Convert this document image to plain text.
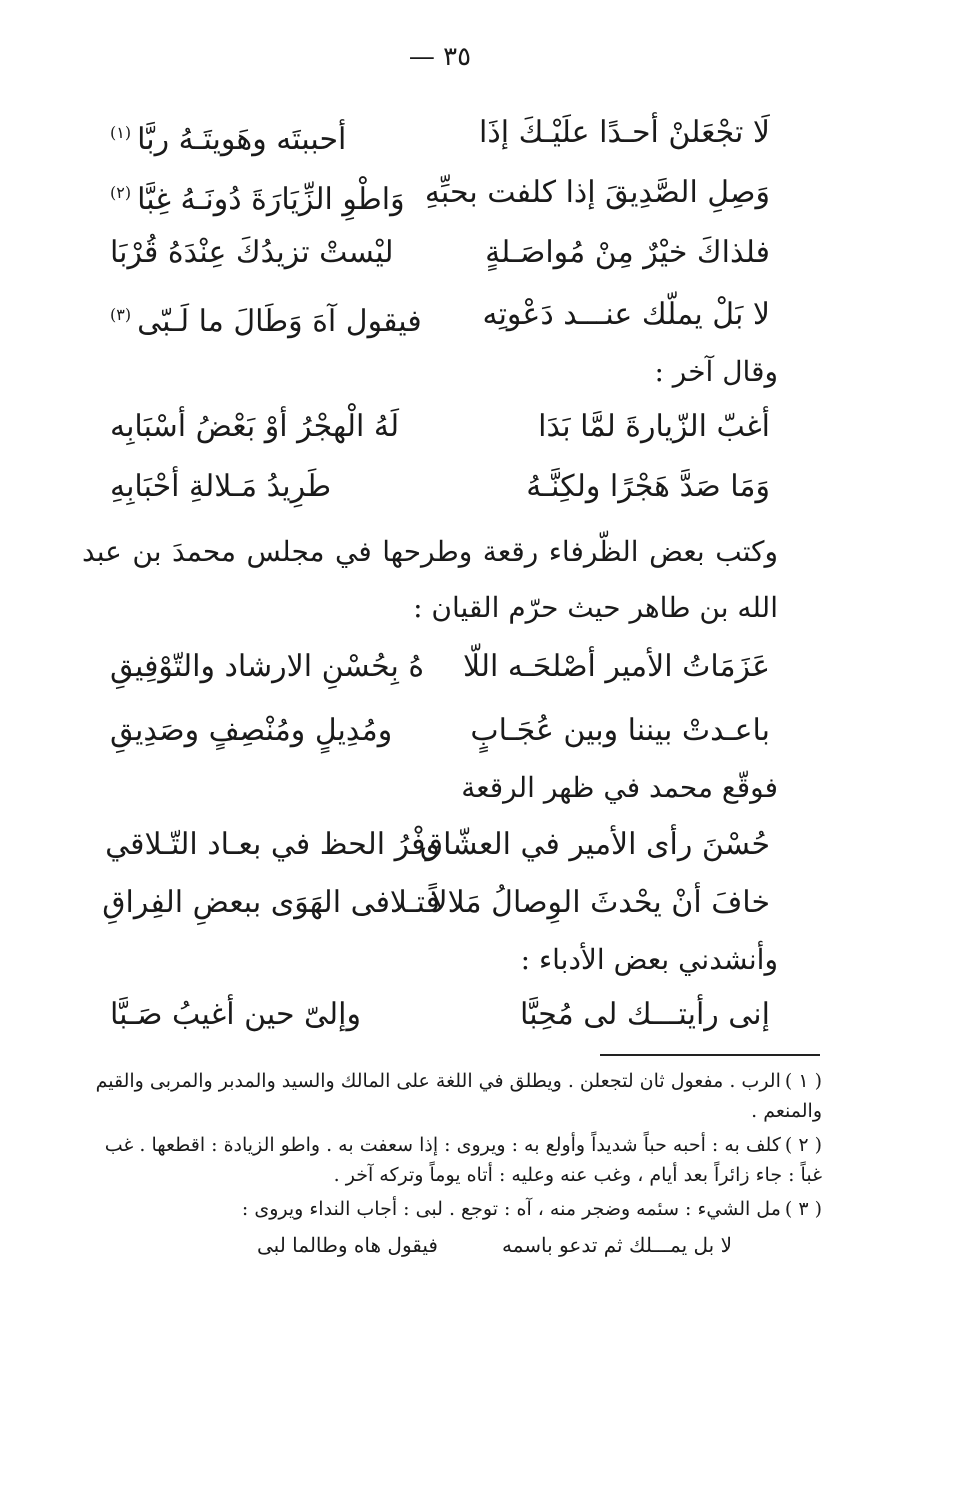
٣٥ —
لَا تجْعَلنْ أحـدًا علَيْـكَ إذَا
أحببتَه وهَويتَـهُ ربَّا$^{(١)}$
وَصِلِ الصَّدِيقَ إذا كلفت بحبِّهِ
وَاطْوِ الزِّيَارَةَ دُونَـهُ غِبَّا$^{(٢)}$
فلذاكَ خيْرٌ مِنْ مُواصَـلةٍ
ليْستْ تزيدُكَ عِنْدَهُ قُرْبَا
لا بَلْ يملّك عنـــد دَعْوتِه
فيقول آهَ وَطَالَ ما لَـبّى$^{(٣)}$
وقال آخر :
أغبّ الزّيارةَ لمَّا بَدَا
لَهُ الْهجْرُ أوْ بَعْضُ أسْبَابِه
وَمَا صَدَّ هَجْرًا ولكِنَّـهُ
طَرِيدُ مَـلالةِ أحْبَابِهِ
وكتب بعض الظّرفاء رقعة وطرحها في مجلس محمدَ بن عبد الله بن طاهر حيث حرّم القيان :
عَزَمَاتُ الأمير أصْلحَـه اللّا
هُ بِحُسْنِ الارشاد والتّوْفِيقِ
باعـدتْ بيننا وبين عُجَـابٍ
ومُدِيلٍ ومُنْصِفٍ وصَدِيقِ
فوقّع محمد في ظهر الرقعة
حُسْنَ رأى الأمير في العشّاق
وفْرُ الحظ في بعـاد التّـلاقي
خافَ أنْ يحْدثَ الوِصالُ مَلالاً
فتـلافى الهَوَى ببعضِ الفِراقِ
وأنشدني بعض الأدباء :
إنى رأيتـــك لى مُحِبَّا
وإلىّ حين أغيبُ صَـبَّا

( ١ )الرب . مفعول ثان لتجعلن . ويطلق في اللغة على المالك والسيد والمدبر والمربى والقيم والمنعم .

( ٢ )كلف به : أحبه حباً شديداً وأولع به : ويروى : إذا سعفت به . واطو الزيادة : اقطعها . غب غباً : جاء زائراً بعد أيام ، وغب عنه وعليه : أتاه يوماً وتركه آخر .

( ٣ )مل الشيء : سئمه وضجر منه ، آه : توجع . لبى : أجاب النداء ويروى :

لا بل يمـــلك ثم تدعو باسمه
فيقول هاه وطالما لبى
